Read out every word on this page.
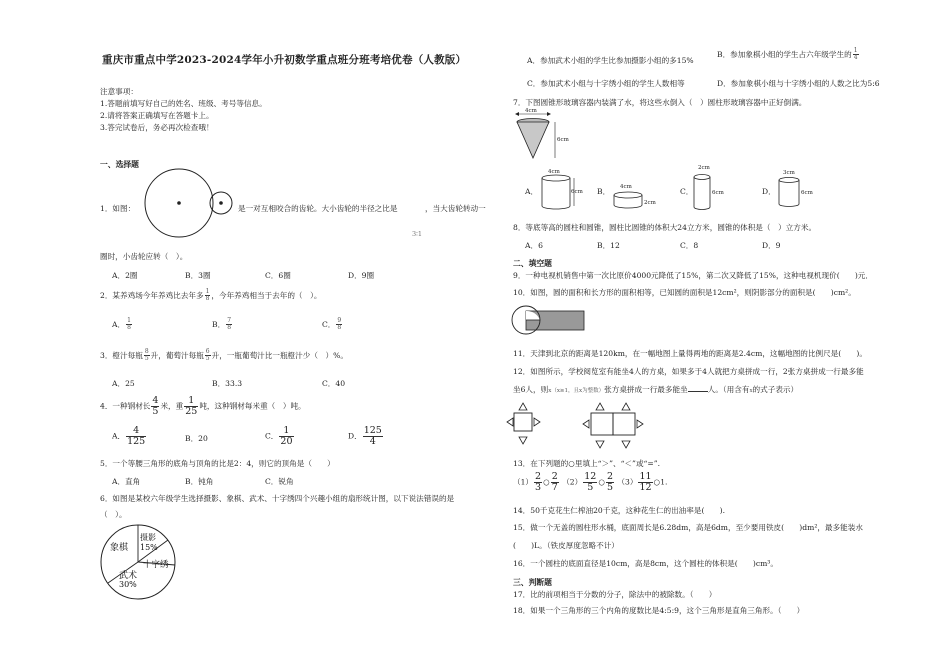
重庆市重点中学2023-2024学年小升初数学重点班分班考培优卷（人教版）
注意事项：
1.答题前填写好自己的姓名、班级、考号等信息。
2.请将答案正确填写在答题卡上。
3.答完试卷后，务必再次检查哦！
一、选择题
1．如图：	是一对互相咬合的齿轮。大小齿轮的半径之比是	，当大齿轮转动一
3∶1
圈时，小齿轮应转（　）。
A．2圈	B．3圈	C．6圈	D．9圈
2．某养鸡场今年养鸡比去年多 $\frac{1}{8}$ ，今年养鸡相当于去年的（　）。
A． $\frac{1}{8}$	B． $\frac{7}{8}$	C． $\frac{9}{8}$
3．橙汁每瓶 $\frac{8}{5}$ 升，葡萄汁每瓶 $\frac{6}{5}$ 升，一瓶葡萄汁比一瓶橙汁少（　）%。
A．25	B．33.3	C．40
4．一种钢材长 $\frac{4}{5}$ 米，重 $\frac{1}{25}$ 吨，这种钢材每米重（　）吨。
A． $\frac{4}{125}$	B．20	C． $\frac{1}{20}$	D． $\frac{125}{4}$
5．一个等腰三角形的底角与顶角的比是2：4，则它的顶角是（　　）
A．直角	B．钝角	C．锐角
6．如图是某校六年级学生选择摄影、象棋、武术、十字绣四个兴趣小组的扇形统计图，以下说法错误的是
（　）。
象棋
摄影
15%
十字绣
武术
30%
A．参加武术小组的学生比参加摄影小组的多15%
B．参加象棋小组的学生占六年级学生的 $\frac{1}{4}$
C．参加武术小组与十字绣小组的学生人数相等	D．参加象棋小组与十字绣小组的人数之比为5:6
7．下图圆锥形玻璃容器内装满了水，将这些水倒入（　）圆柱形玻璃容器中正好倒满。
4cm
6cm
A．
4cm
6cm B． 4cm
2cm
C．
2cm
6cm	D．
3cm
6cm
8．等底等高的圆柱和圆锥，圆柱比圆锥的体积大24立方米，圆锥的体积是（　）立方米。
A．6	B．12	C．8	D．9
二、填空题
9．一种电视机销售中第一次比原价4000元降低了15%，第二次又降低了15%，这种电视机现价(　　)元．
10．如图，圆的面积和长方形的面积相等，已知圆的面积是12cm²，则阴影部分的面积是(　　)cm²。
11．天津到北京的距离是120km，在一幅地图上量得两地的距离是2.4cm，这幅地图的比例尺是(　　)。
12．如图所示，学校阅览室有能坐4人的方桌，如果多于4人就把方桌拼成一行，2张方桌拼成一行最多能
坐6人，则x（x≥1，且x为整数）张方桌拼成一行最多能坐	人。（用含有x的式子表示）
13．在下列题的○里填上“＞”、“＜”或“=”.
$(1) \frac{2}{3}$ ○ $\frac{2}{7} (2) \frac{12}{5}$ ○ $\frac{2}{5} (3) \frac{11}{12}$ ○1.
14．50千克花生仁榨油20千克，这种花生仁的出油率是(　　).
15．做一个无盖的圆柱形水桶，底面周长是6.28dm，高是6dm，至少要用铁皮(　　)dm²，最多能装水
(　　)L。（铁皮厚度忽略不计）
16．一个圆柱的底面直径是10cm，高是8cm，这个圆柱的体积是(　　)cm³。
三、判断题
17．比的前项相当于分数的分子，除法中的被除数。（　　）
18．如果一个三角形的三个内角的度数比是4:5:9，这个三角形是直角三角形。（　　）
